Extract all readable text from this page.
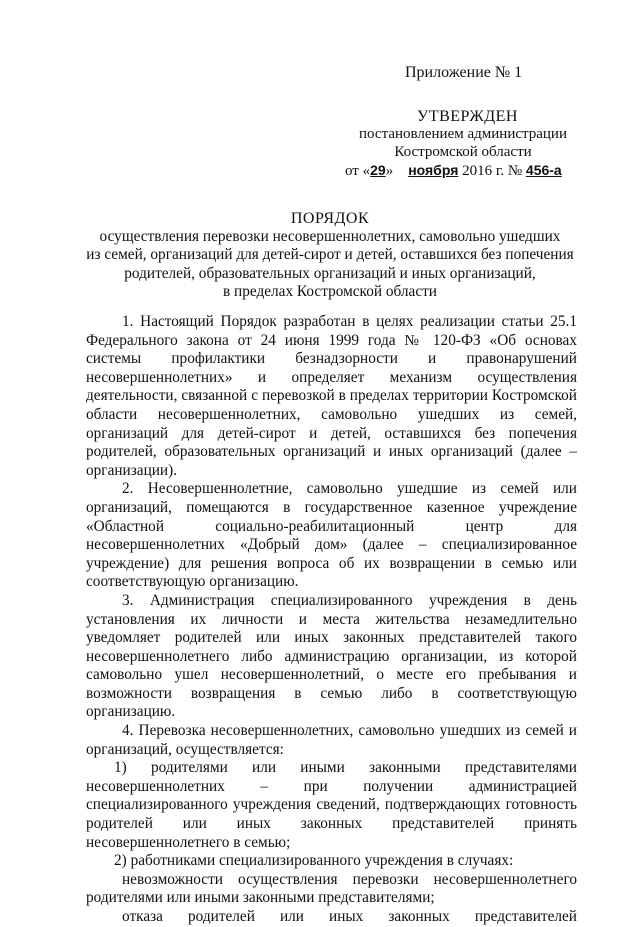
Приложение № 1
УТВЕРЖДЕН
постановлением администрации
Костромской области
от «29» ноября 2016 г. № 456-а
ПОРЯДОК
осуществления перевозки несовершеннолетних, самовольно ушедших
из семей, организаций для детей-сирот и детей, оставшихся без попечения
родителей, образовательных организаций и иных организаций,
в пределах Костромской области

1. Настоящий Порядок разработан в целях реализации статьи 25.1 Федерального закона от 24 июня 1999 года № 120-ФЗ «Об основах системы профилактики безнадзорности и правонарушений несовершеннолетних» и определяет механизм осуществления деятельности, связанной с перевозкой в пределах территории Костромской области несовершеннолетних, самовольно ушедших из семей, организаций для детей-сирот и детей, оставшихся без попечения родителей, образовательных организаций и иных организаций (далее – организации).

2. Несовершеннолетние, самовольно ушедшие из семей или организаций, помещаются в государственное казенное учреждение «Областной социально-реабилитационный центр для несовершеннолетних «Добрый дом» (далее – специализированное учреждение) для решения вопроса об их возвращении в семью или соответствующую организацию.

3. Администрация специализированного учреждения в день установления их личности и места жительства незамедлительно уведомляет родителей или иных законных представителей такого несовершеннолетнего либо администрацию организации, из которой самовольно ушел несовершеннолетний, о месте его пребывания и возможности возвращения в семью либо в соответствующую организацию.

4. Перевозка несовершеннолетних, самовольно ушедших из семей и организаций, осуществляется:

1) родителями или иными законными представителями несовершеннолетних – при получении администрацией специализированного учреждения сведений, подтверждающих готовность родителей или иных законных представителей принять несовершеннолетнего в семью;

2) работниками специализированного учреждения в случаях:

невозможности осуществления перевозки несовершеннолетнего родителями или иными законными представителями;

отказа родителей или иных законных представителей
